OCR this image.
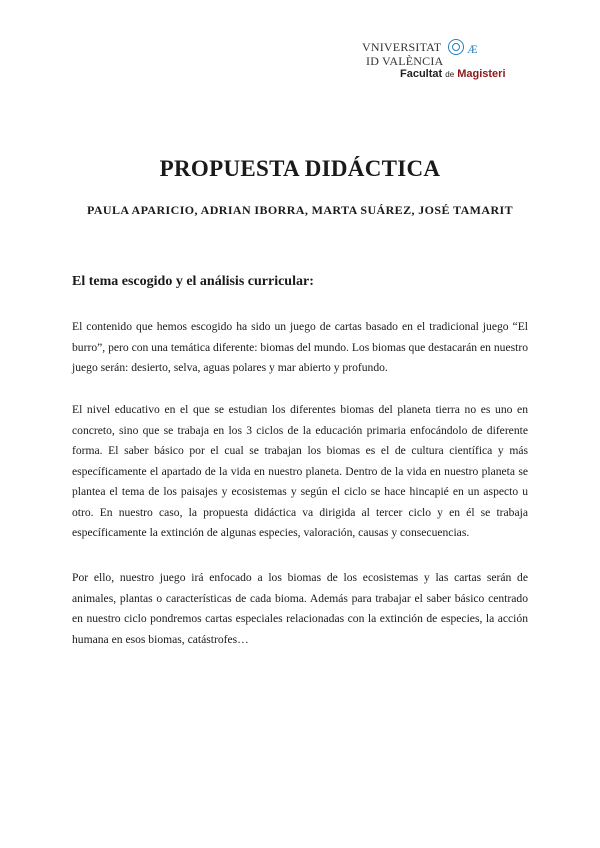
VNIVERSITAT	Æ
ID VALÈNCIA
Facultat de Magisteri
PROPUESTA DIDÁCTICA
PAULA APARICIO, ADRIAN IBORRA, MARTA SUÁREZ, JOSÉ TAMARIT
El tema escogido y el análisis curricular:

El contenido que hemos escogido ha sido un juego de cartas basado en el tradicional juego “El burro”, pero con una temática diferente: biomas del mundo. Los biomas que destacarán en nuestro juego serán: desierto, selva, aguas polares y mar abierto y profundo.

El nivel educativo en el que se estudian los diferentes biomas del planeta tierra no es uno en concreto, sino que se trabaja en los 3 ciclos de la educación primaria enfocándolo de diferente forma. El saber básico por el cual se trabajan los biomas es el de cultura científica y más específicamente el apartado de la vida en nuestro planeta. Dentro de la vida en nuestro planeta se plantea el tema de los paisajes y ecosistemas y según el ciclo se hace hincapié en un aspecto u otro. En nuestro caso, la propuesta didáctica va dirigida al tercer ciclo y en él se trabaja específicamente la extinción de algunas especies, valoración, causas y consecuencias.

Por ello, nuestro juego irá enfocado a los biomas de los ecosistemas y las cartas serán de animales, plantas o características de cada bioma. Además para trabajar el saber básico centrado en nuestro ciclo pondremos cartas especiales relacionadas con la extinción de especies, la acción humana en esos biomas, catástrofes…
